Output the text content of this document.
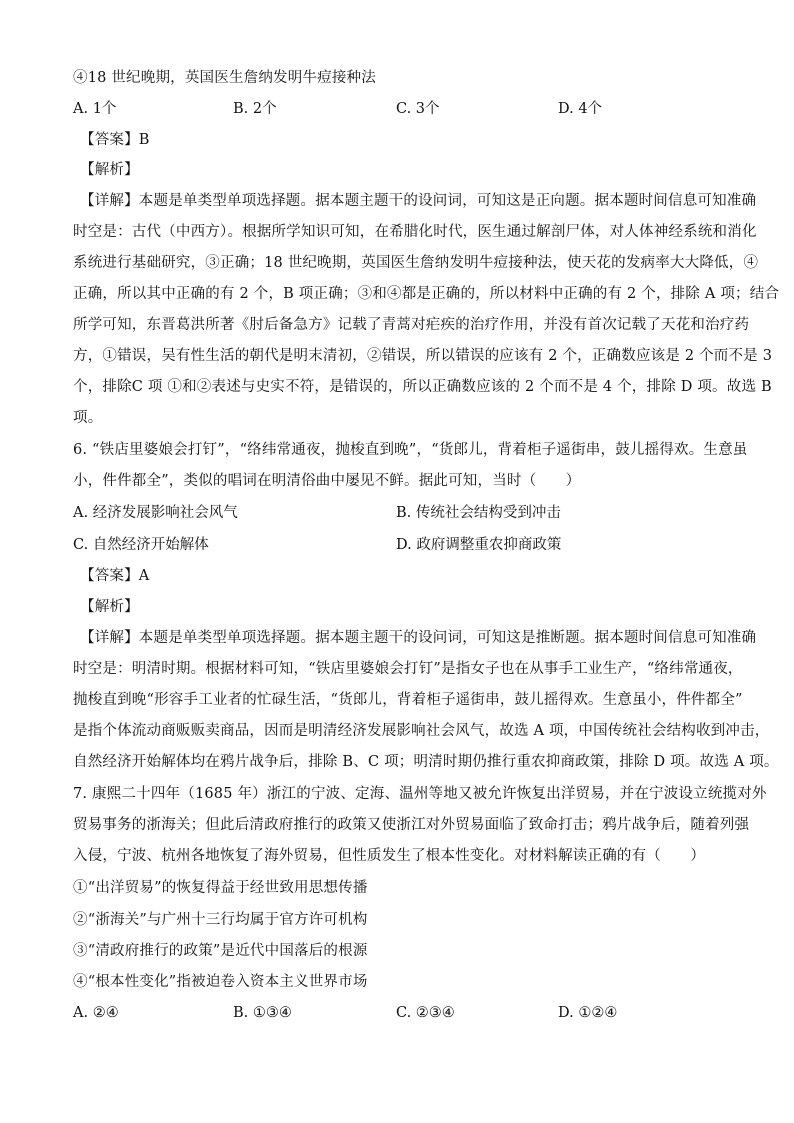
④18 世纪晚期，英国医生詹纳发明牛痘接种法
A. 1个	B. 2个	C. 3个	D. 4个
【答案】B
【解析】
【详解】本题是单类型单项选择题。据本题主题干的设问词，可知这是正向题。据本题时间信息可知准确
时空是：古代（中西方）。根据所学知识可知，在希腊化时代，医生通过解剖尸体，对人体神经系统和消化
系统进行基础研究，③正确；18 世纪晚期，英国医生詹纳发明牛痘接种法，使天花的发病率大大降低，④
正确，所以其中正确的有 2 个，B 项正确；③和④都是正确的，所以材料中正确的有 2 个，排除 A 项；结合
所学可知，东晋葛洪所著《肘后备急方》记载了青蒿对疟疾的治疗作用，并没有首次记载了天花和治疗药
方，①错误，吴有性生活的朝代是明末清初，②错误，所以错误的应该有 2 个，正确数应该是 2 个而不是 3
个，排除C 项 ①和②表述与史实不符，是错误的，所以正确数应该的 2 个而不是 4 个，排除 D 项。故选 B
项。
6. “铁店里婆娘会打钉”，“络纬常通夜，抛梭直到晚”，“货郎儿，背着柜子遥街串，鼓儿摇得欢。生意虽
小，件件都全”，类似的唱词在明清俗曲中屡见不鲜。据此可知，当时（　　）
A. 经济发展影响社会风气	B. 传统社会结构受到冲击
C. 自然经济开始解体	D. 政府调整重农抑商政策
【答案】A
【解析】
【详解】本题是单类型单项选择题。据本题主题干的设问词，可知这是推断题。据本题时间信息可知准确
时空是：明清时期。根据材料可知，“铁店里婆娘会打钉”是指女子也在从事手工业生产，“络纬常通夜，
抛梭直到晚“形容手工业者的忙碌生活，“货郎儿，背着柜子遥街串，鼓儿摇得欢。生意虽小，件件都全”
是指个体流动商贩贩卖商品，因而是明清经济发展影响社会风气，故选 A 项，中国传统社会结构收到冲击，
自然经济开始解体均在鸦片战争后，排除 B、C 项；明清时期仍推行重农抑商政策，排除 D 项。故选 A 项。
7. 康熙二十四年（1685 年）浙江的宁波、定海、温州等地又被允许恢复出洋贸易，并在宁波设立统揽对外
贸易事务的浙海关；但此后清政府推行的政策又使浙江对外贸易面临了致命打击；鸦片战争后，随着列强
入侵，宁波、杭州各地恢复了海外贸易，但性质发生了根本性变化。对材料解读正确的有（　　）
①“出洋贸易”的恢复得益于经世致用思想传播
②“浙海关”与广州十三行均属于官方许可机构
③“清政府推行的政策”是近代中国落后的根源
④“根本性变化”指被迫卷入资本主义世界市场
A. ②④	B. ①③④	C. ②③④	D. ①②④
